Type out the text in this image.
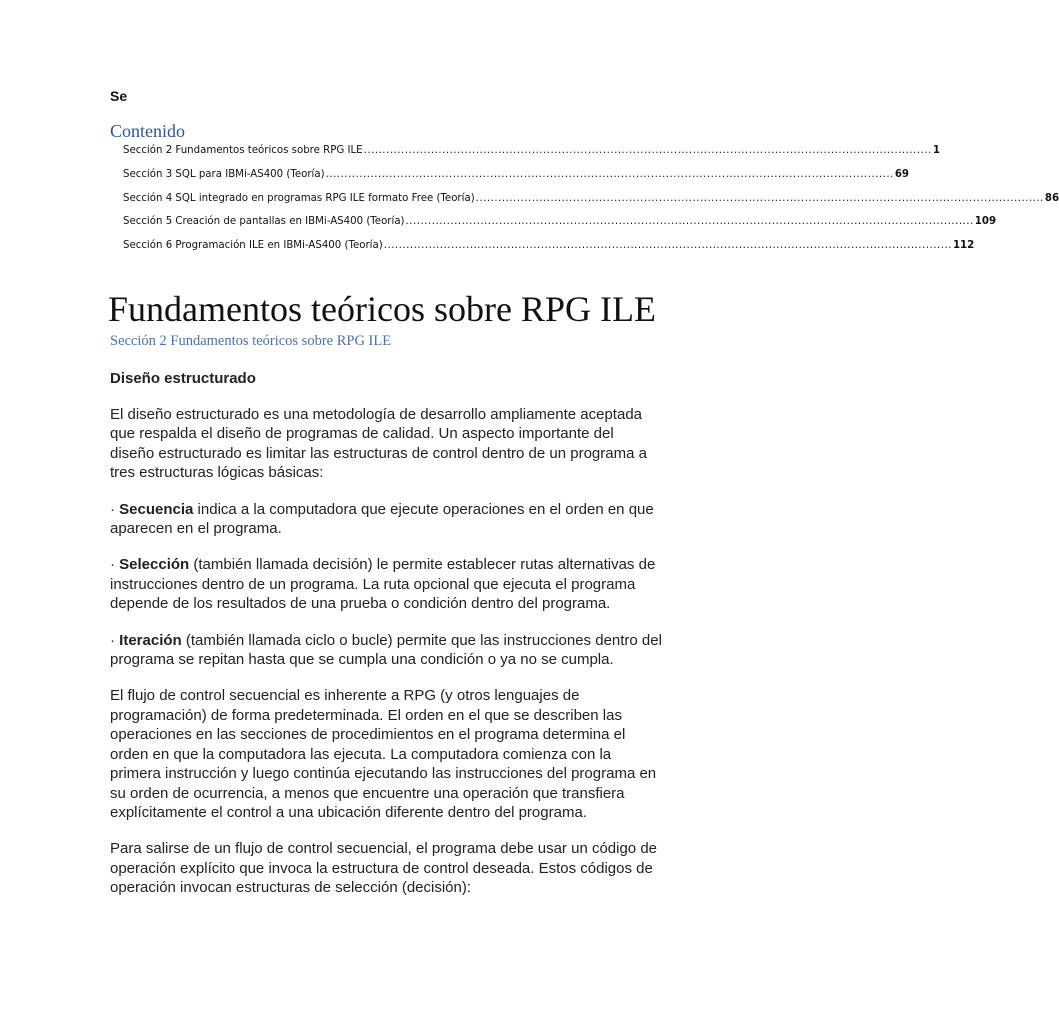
Se
Contenido
Sección 2 Fundamentos teóricos sobre RPG ILE ........................................................................................................................................................ 1
Sección 3 SQL para IBMi-AS400 (Teoría) ........................................................................................................................................................ 69
Sección 4 SQL integrado en programas RPG ILE formato Free (Teoría) ........................................................................................................................................................ 86
Sección 5 Creación de pantallas en IBMi-AS400 (Teoría) ........................................................................................................................................................ 109
Sección 6 Programación ILE en IBMi-AS400 (Teoría) ........................................................................................................................................................ 112
Fundamentos teóricos sobre RPG ILE
Sección 2 Fundamentos teóricos sobre RPG ILE
Diseño estructurado

El diseño estructurado es una metodología de desarrollo ampliamente aceptada que respalda el diseño de programas de calidad. Un aspecto importante del diseño estructurado es limitar las estructuras de control dentro de un programa a tres estructuras lógicas básicas:

· Secuencia indica a la computadora que ejecute operaciones en el orden en que aparecen en el programa.

· Selección (también llamada decisión) le permite establecer rutas alternativas de instrucciones dentro de un programa. La ruta opcional que ejecuta el programa depende de los resultados de una prueba o condición dentro del programa.

· Iteración (también llamada ciclo o bucle) permite que las instrucciones dentro del programa se repitan hasta que se cumpla una condición o ya no se cumpla.

El flujo de control secuencial es inherente a RPG (y otros lenguajes de programación) de forma predeterminada. El orden en el que se describen las operaciones en las secciones de procedimientos en el programa determina el orden en que la computadora las ejecuta. La computadora comienza con la primera instrucción y luego continúa ejecutando las instrucciones del programa en su orden de ocurrencia, a menos que encuentre una operación que transfiera explícitamente el control a una ubicación diferente dentro del programa.

Para salirse de un flujo de control secuencial, el programa debe usar un código de operación explícito que invoca la estructura de control deseada. Estos códigos de operación invocan estructuras de selección (decisión):
